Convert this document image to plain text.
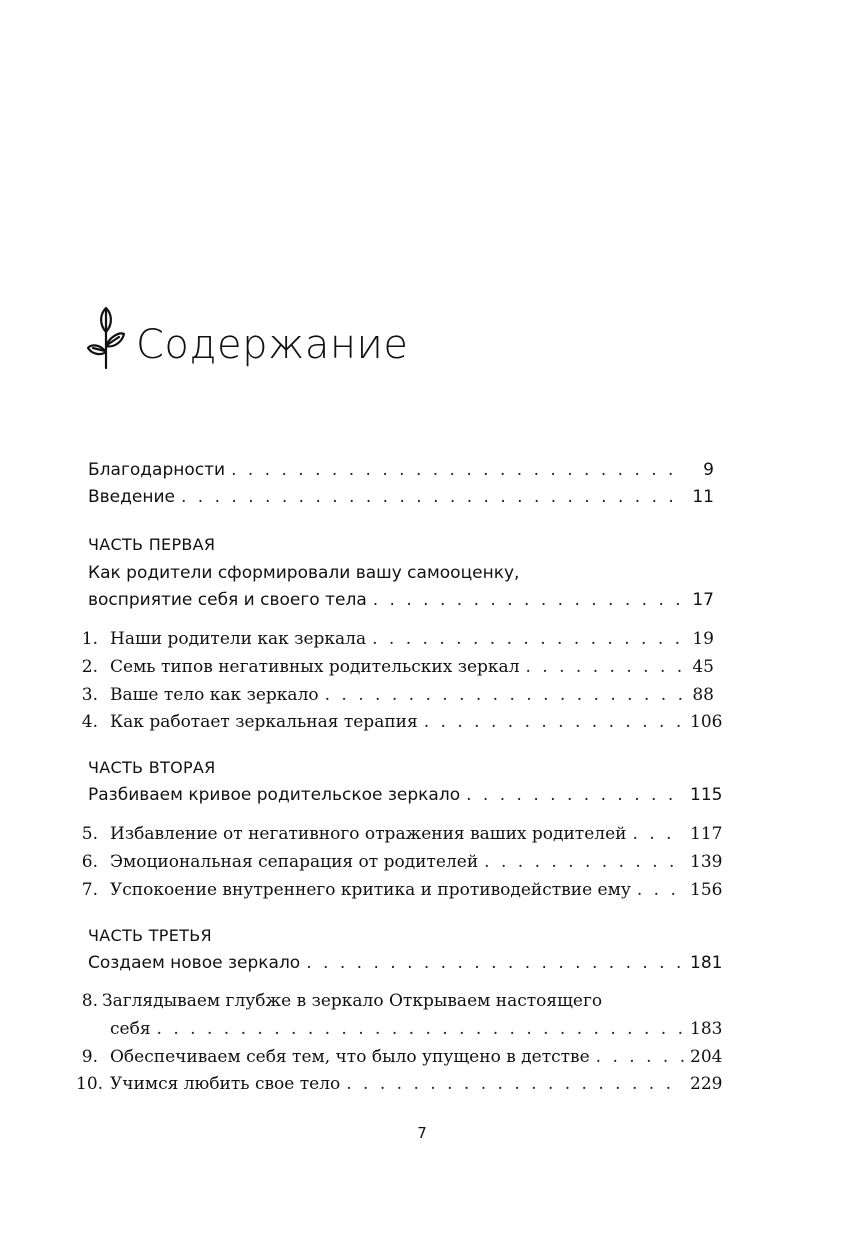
Содержание
Благодарности . . .	9
Введение . . .	11
ЧАСТЬ ПЕРВАЯ
Как родители сформировали вашу самооценку,
восприятие себя и своего тела . . .	17
1. Наши родители как зеркала . . .	19
2. Семь типов негативных родительских зеркал . . .	45
3. Ваше тело как зеркало . . .	88
4. Как работает зеркальная терапия . . .	106
ЧАСТЬ ВТОРАЯ
Разбиваем кривое родительское зеркало . . .	115
5. Избавление от негативного отражения ваших родителей . . .	117
6. Эмоциональная сепарация от родителей . . .	139
7. Успокоение внутреннего критика и противодействие ему . . .	156
ЧАСТЬ ТРЕТЬЯ
Создаем новое зеркало . . .	181
8. Заглядываем глубже в зеркало Открываем настоящего
себя . . .	183
9. Обеспечиваем себя тем, что было упущено в детстве . . .	204
10. Учимся любить свое тело . . .	229
7
